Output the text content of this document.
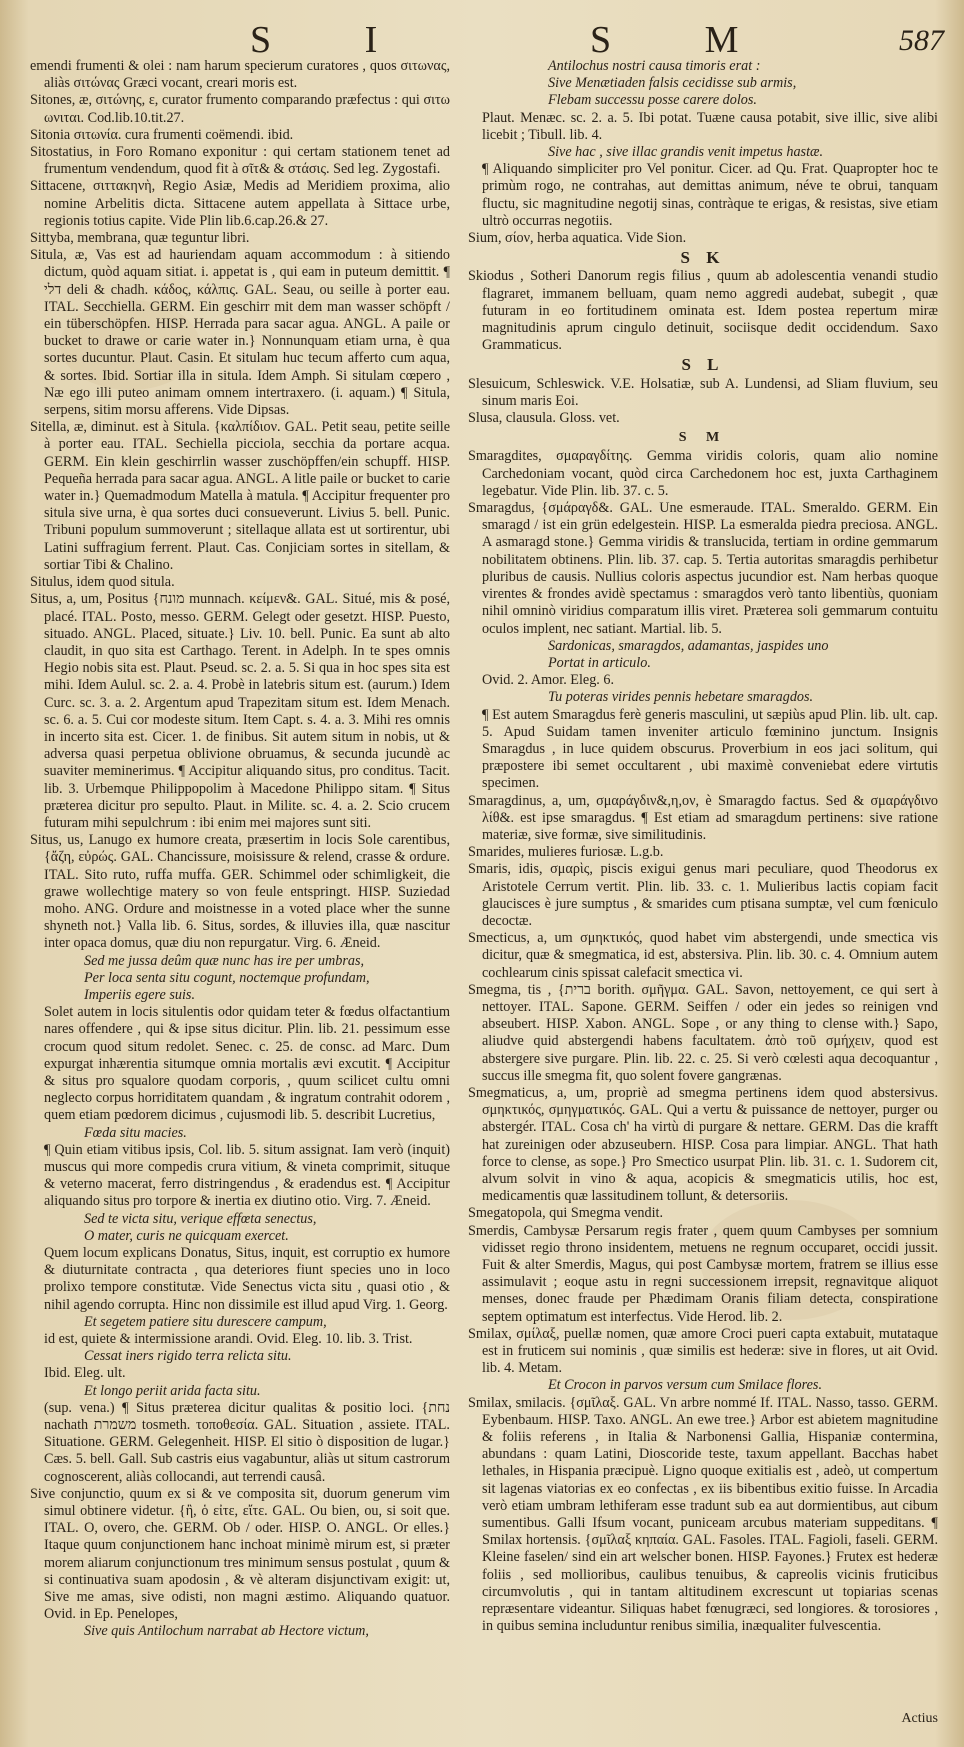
S I	S M	587

emendi frumenti & olei : nam harum specierum curatores , quos σιτωνας, aliàs σιτώνας Græci vocant, creari moris est.

Sitones, æ, σιτώνης, ε, curator frumento comparando præfectus : qui σιτω ωνιται. Cod.lib.10.tit.27.

Sitonia σιτωνία. cura frumenti coëmendi. ibid.

Sitostatius, in Foro Romano exponitur : qui certam stationem tenet ad frumentum vendendum, quod fit à σῖτ& & στάσις. Sed leg. Zygostafi.

Sittacene, σιττακηνὴ, Regio Asiæ, Medis ad Meridiem proxima, alio nomine Arbelitis dicta. Sittacene autem appellata à Sittace urbe, regionis totius capite. Vide Plin lib.6.cap.26.& 27.

Sittyba, membrana, quæ teguntur libri.

Situla, æ, Vas est ad hauriendam aquam accommodum : à sitiendo dictum, quòd aquam sitiat. i. appetat is , qui eam in puteum demittit. ¶ דלי deli & chadh. κάδος, κάλπις. GAL. Seau, ou seille à porter eau. ITAL. Secchiella. GERM. Ein geschirr mit dem man wasser schöpft / ein tüberschöpfen. HISP. Herrada para sacar agua. ANGL. A paile or bucket to drawe or carie water in.} Nonnunquam etiam urna, è qua sortes ducuntur. Plaut. Casin. Et situlam huc tecum afferto cum aqua, & sortes. Ibid. Sortiar illa in situla. Idem Amph. Si situlam cœpero , Næ ego illi puteo animam omnem intertraxero. (i. aquam.) ¶ Situla, serpens, sitim morsu afferens. Vide Dipsas.

Sitella, æ, diminut. est à Situla. {καλπίδιον. GAL. Petit seau, petite seille à porter eau. ITAL. Sechiella picciola, secchia da portare acqua. GERM. Ein klein geschirrlin wasser zuschöpffen/ein schupff. HISP. Pequeña herrada para sacar agua. ANGL. A litle paile or bucket to carie water in.} Quemadmodum Matella à matula. ¶ Accipitur frequenter pro situla sive urna, è qua sortes duci consueverunt. Livius 5. bell. Punic. Tribuni populum summoverunt ; sitellaque allata est ut sortirentur, ubi Latini suffragium ferrent. Plaut. Cas. Conjiciam sortes in sitellam, & sortiar Tibi & Chalino.

Situlus, idem quod situla.

Situs, a, um, Positus {מונח munnach. κείμεν&. GAL. Situé, mis & posé, placé. ITAL. Posto, messo. GERM. Gelegt oder gesetzt. HISP. Puesto, situado. ANGL. Placed, situate.} Liv. 10. bell. Punic. Ea sunt ab alto claudit, in quo sita est Carthago. Terent. in Adelph. In te spes omnis Hegio nobis sita est. Plaut. Pseud. sc. 2. a. 5. Si qua in hoc spes sita est mihi. Idem Aulul. sc. 2. a. 4. Probè in latebris situm est. (aurum.) Idem Curc. sc. 3. a. 2. Argentum apud Trapezitam situm est. Idem Menach. sc. 6. a. 5. Cui cor modeste situm. Item Capt. s. 4. a. 3. Mihi res omnis in incerto sita est. Cicer. 1. de finibus. Sit autem situm in nobis, ut & adversa quasi perpetua oblivione obruamus, & secunda jucundè ac suaviter meminerimus. ¶ Accipitur aliquando situs, pro conditus. Tacit. lib. 3. Urbemque Philippopolim à Macedone Philippo sitam. ¶ Situs præterea dicitur pro sepulto. Plaut. in Milite. sc. 4. a. 2. Scio crucem futuram mihi sepulchrum : ibi enim mei majores sunt siti.

Situs, us, Lanugo ex humore creata, præsertim in locis Sole carentibus, {ἄζη, εὐρώς. GAL. Chancissure, moisissure & relend, crasse & ordure. ITAL. Sito ruto, ruffa muffa. GER. Schimmel oder schimligkeit, die grawe wollechtige matery so von feule entspringt. HISP. Suziedad moho. ANG. Ordure and moistnesse in a voted place wher the sunne shyneth not.} Valla lib. 6. Situs, sordes, & illuvies illa, quæ nascitur inter opaca domus, quæ diu non repurgatur. Virg. 6. Æneid.

Sed me jussa deûm quæ nunc has ire per umbras,

Per loca senta situ cogunt, noctemque profundam,

Imperiis egere suis.

Solet autem in locis situlentis odor quidam teter & fœdus olfactantium nares offendere , qui & ipse situs dicitur. Plin. lib. 21. pessimum esse crocum quod situm redolet. Senec. c. 25. de consc. ad Marc. Dum expurgat inhærentia situmque omnia mortalis ævi excutit. ¶ Accipitur & situs pro squalore quodam corporis, , quum scilicet cultu omni neglecto corpus horriditatem quandam , & ingratum contrahit odorem , quem etiam pœdorem dicimus , cujusmodi lib. 5. describit Lucretius,

Fœda situ macies.

¶ Quin etiam vitibus ipsis, Col. lib. 5. situm assignat. Iam verò (inquit) muscus qui more compedis crura vitium, & vineta comprimit, situque & veterno macerat, ferro distringendus , & eradendus est. ¶ Accipitur aliquando situs pro torpore & inertia ex diutino otio. Virg. 7. Æneid.

Sed te victa situ, verique effœta senectus,

O mater, curis ne quicquam exercet.

Quem locum explicans Donatus, Situs, inquit, est corruptio ex humore & diuturnitate contracta , qua deteriores fiunt species uno in loco prolixo tempore constitutæ. Vide Senectus victa situ , quasi otio , & nihil agendo corrupta. Hinc non dissimile est illud apud Virg. 1. Georg.

Et segetem patiere situ durescere campum,

id est, quiete & intermissione arandi. Ovid. Eleg. 10. lib. 3. Trist.

Cessat iners rigido terra relicta situ.

Ibid. Eleg. ult.

Et longo periit arida facta situ.

(sup. vena.) ¶ Situs præterea dicitur qualitas & positio loci. {נחת nachath משמרת tosmeth. τοποθεσία. GAL. Situation , assiete. ITAL. Situatione. GERM. Gelegenheit. HISP. El sitio ò disposition de lugar.} Cæs. 5. bell. Gall. Sub castris eius vagabuntur, aliàs ut situm castrorum cognoscerent, aliàs collocandi, aut terrendi causâ.

Sive conjunctio, quum ex si & ve composita sit, duorum generum vim simul obtinere videtur. {ἢ, ὁ εἰτε, εἴτε. GAL. Ou bien, ou, si soit que. ITAL. O, overo, che. GERM. Ob / oder. HISP. O. ANGL. Or elles.} Itaque quum conjunctionem hanc inchoat minimè mirum est, si præter morem aliarum conjunctionum tres minimum sensus postulat , quum & si continuativa suam apodosin , & vè alteram disjunctivam exigit: ut, Sive me amas, sive odisti, non magni æstimo. Aliquando quatuor. Ovid. in Ep. Penelopes,

Sive quis Antilochum narrabat ab Hectore victum,

Antilochus nostri causa timoris erat :

Sive Menætiaden falsis cecidisse sub armis,

Flebam successu posse carere dolos.

Plaut. Menæc. sc. 2. a. 5. Ibi potat. Tuæne causa potabit, sive illic, sive alibi licebit ; Tibull. lib. 4.

Sive hac , sive illac grandis venit impetus hastæ.

¶ Aliquando simpliciter pro Vel ponitur. Cicer. ad Qu. Frat. Quapropter hoc te primùm rogo, ne contrahas, aut demittas animum, néve te obrui, tanquam fluctu, sic magnitudine negotij sinas, contràque te erigas, & resistas, sive etiam ultrò occurras negotiis.

Sium, σίον, herba aquatica. Vide Sion.

S K

Skiodus , Sotheri Danorum regis filius , quum ab adolescentia venandi studio flagraret, immanem belluam, quam nemo aggredi audebat, subegit , quæ futuram in eo fortitudinem ominata est. Idem postea repertum miræ magnitudinis aprum cingulo detinuit, sociisque dedit occidendum. Saxo Grammaticus.

S L

Slesuicum, Schleswick. V.E. Holsatiæ, sub A. Lundensi, ad Sliam fluvium, seu sinum maris Eoi.

Slusa, clausula. Gloss. vet.

S M

Smaragdites, σμαραγδίτης. Gemma viridis coloris, quam alio nomine Carchedoniam vocant, quòd circa Carchedonem hoc est, juxta Carthaginem legebatur. Vide Plin. lib. 37. c. 5.

Smaragdus, {σμάραγδ&. GAL. Une esmeraude. ITAL. Smeraldo. GERM. Ein smaragd / ist ein grün edelgestein. HISP. La esmeralda piedra preciosa. ANGL. A asmaragd stone.} Gemma viridis & translucida, tertiam in ordine gemmarum nobilitatem obtinens. Plin. lib. 37. cap. 5. Tertia autoritas smaragdis perhibetur pluribus de causis. Nullius coloris aspectus jucundior est. Nam herbas quoque virentes & frondes avidè spectamus : smaragdos verò tanto libentiùs, quoniam nihil omninò viridius comparatum illis viret. Præterea soli gemmarum contuitu oculos implent, nec satiant. Martial. lib. 5.

Sardonicas, smaragdos, adamantas, jaspides uno

Portat in articulo.

Ovid. 2. Amor. Eleg. 6.

Tu poteras virides pennis hebetare smaragdos.

¶ Est autem Smaragdus ferè generis masculini, ut sæpiùs apud Plin. lib. ult. cap. 5. Apud Suidam tamen inveniter articulo fœminino junctum. Insignis Smaragdus , in luce quidem obscurus. Proverbium in eos jaci solitum, qui præpostere ibi semet occultarent , ubi maximè conveniebat edere virtutis specimen.

Smaragdinus, a, um, σμαράγδιν&,η,ον, è Smaragdo factus. Sed & σμαράγδινο λίθ&. est ipse smaragdus. ¶ Est etiam ad smaragdum pertinens: sive ratione materiæ, sive formæ, sive similitudinis.

Smarides, mulieres furiosæ. L.g.b.

Smaris, idis, σμαρὶς, piscis exigui genus mari peculiare, quod Theodorus ex Aristotele Cerrum vertit. Plin. lib. 33. c. 1. Mulieribus lactis copiam facit glaucisces è jure sumptus , & smarides cum ptisana sumptæ, vel cum fœniculo decoctæ.

Smecticus, a, um σμηκτικός, quod habet vim abstergendi, unde smectica vis dicitur, quæ & smegmatica, id est, abstersiva. Plin. lib. 30. c. 4. Omnium autem cochlearum cinis spissat calefacit smectica vi.

Smegma, tis , {ברית borith. σμῆγμα. GAL. Savon, nettoyement, ce qui sert à nettoyer. ITAL. Sapone. GERM. Seiffen / oder ein jedes so reinigen vnd abseubert. HISP. Xabon. ANGL. Sope , or any thing to clense with.} Sapo, aliudve quid abstergendi habens facultatem. ἀπὸ τοῦ σμήχειν, quod est abstergere sive purgare. Plin. lib. 22. c. 25. Si verò cœlesti aqua decoquantur , succus ille smegma fit, quo solent fovere gangrænas.

Smegmaticus, a, um, propriè ad smegma pertinens idem quod abstersivus. σμηκτικός, σμηγματικός. GAL. Qui a vertu & puissance de nettoyer, purger ou abstergér. ITAL. Cosa ch' ha virtù di purgare & nettare. GERM. Das die krafft hat zureinigen oder abzuseubern. HISP. Cosa para limpiar. ANGL. That hath force to clense, as sope.} Pro Smectico usurpat Plin. lib. 31. c. 1. Sudorem cit, alvum solvit in vino & aqua, acopicis & smegmaticis utilis, hoc est, medicamentis quæ lassitudinem tollunt, & detersoriis.

Smegatopola, qui Smegma vendit.

Smerdis, Cambysæ Persarum regis frater , quem quum Cambyses per somnium vidisset regio throno insidentem, metuens ne regnum occuparet, occidi jussit. Fuit & alter Smerdis, Magus, qui post Cambysæ mortem, fratrem se illius esse assimulavit ; eoque astu in regni successionem irrepsit, regnavitque aliquot menses, donec fraude per Phædimam Oranis filiam detecta, conspiratione septem optimatum est interfectus. Vide Herod. lib. 2.

Smilax, σμίλαξ, puellæ nomen, quæ amore Croci pueri capta extabuit, mutataque est in fruticem sui nominis , quæ similis est hederæ: sive in flores, ut ait Ovid. lib. 4. Metam.

Et Crocon in parvos versum cum Smilace flores.

Smilax, smilacis. {σμῖλαξ. GAL. Vn arbre nommé If. ITAL. Nasso, tasso. GERM. Eybenbaum. HISP. Taxo. ANGL. An ewe tree.} Arbor est abietem magnitudine & foliis referens , in Italia & Narbonensi Gallia, Hispaniæ contermina, abundans : quam Latini, Dioscoride teste, taxum appellant. Bacchas habet lethales, in Hispania præcipuè. Ligno quoque exitialis est , adeò, ut compertum sit lagenas viatorias ex eo confectas , ex iis bibentibus exitio fuisse. In Arcadia verò etiam umbram lethiferam esse tradunt sub ea aut dormientibus, aut cibum sumentibus. Galli Ifsum vocant, puniceam arcubus materiam suppeditans. ¶ Smilax hortensis. {σμῖλαξ κηπαία. GAL. Fasoles. ITAL. Fagioli, faseli. GERM. Kleine faselen/ sind ein art welscher bonen. HISP. Fayones.} Frutex est hederæ foliis , sed mollioribus, caulibus tenuibus, & capreolis vicinis fruticibus circumvolutis , qui in tantam altitudinem excrescunt ut topiarias scenas repræsentare videantur. Siliquas habet fœnugræci, sed longiores. & torosiores , in quibus semina includuntur renibus similia, inæqualiter fulvescentia.

Actius
